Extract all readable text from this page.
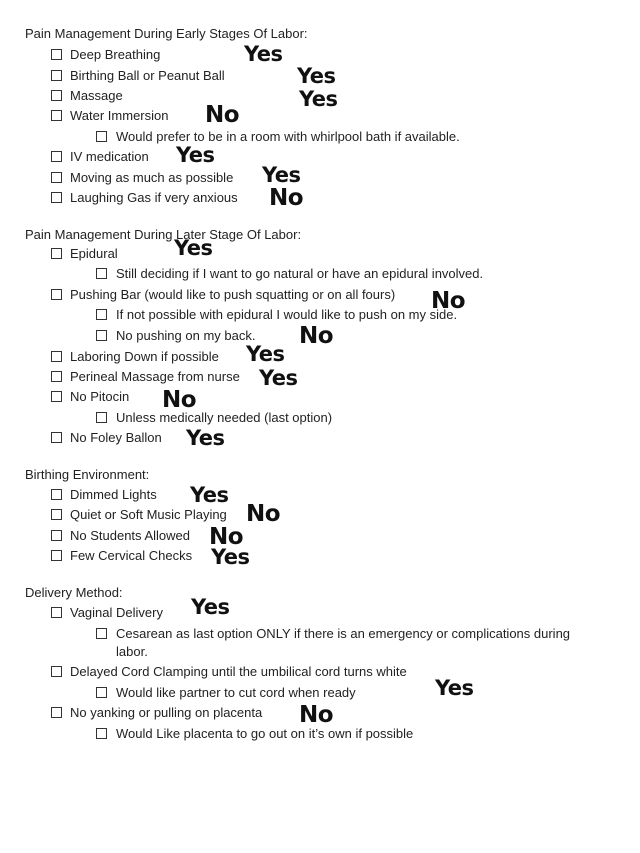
Pain Management During Early Stages Of Labor:
Deep Breathing	Yes
Birthing Ball or Peanut Ball	Yes
Massage	Yes
Water Immersion No
Would prefer to be in a room with whirlpool bath if available.
IV medication Yes
Moving as much as possible Yes
Laughing Gas if very anxious No
Pain Management During Later Stage Of Labor:
Epidural	Yes
Still deciding if I want to go natural or have an epidural involved.
Pushing Bar (would like to push squatting or on all fours) No
If not possible with epidural I would like to push on my side.
No pushing on my back. No
Laboring Down if possible Yes
Perineal Massage from nurse Yes
No Pitocin No
Unless medically needed (last option)
No Foley Ballon Yes
Birthing Environment:
Dimmed Lights Yes
Quiet or Soft Music Playing No
No Students Allowed No
Few Cervical Checks Yes
Delivery Method:
Vaginal Delivery Yes
Cesarean as last option ONLY if there is an emergency or complications during
labor.
Delayed Cord Clamping until the umbilical cord turns white
Would like partner to cut cord when ready	Yes
No yanking or pulling on placenta No
Would Like placenta to go out on it’s own if possible
